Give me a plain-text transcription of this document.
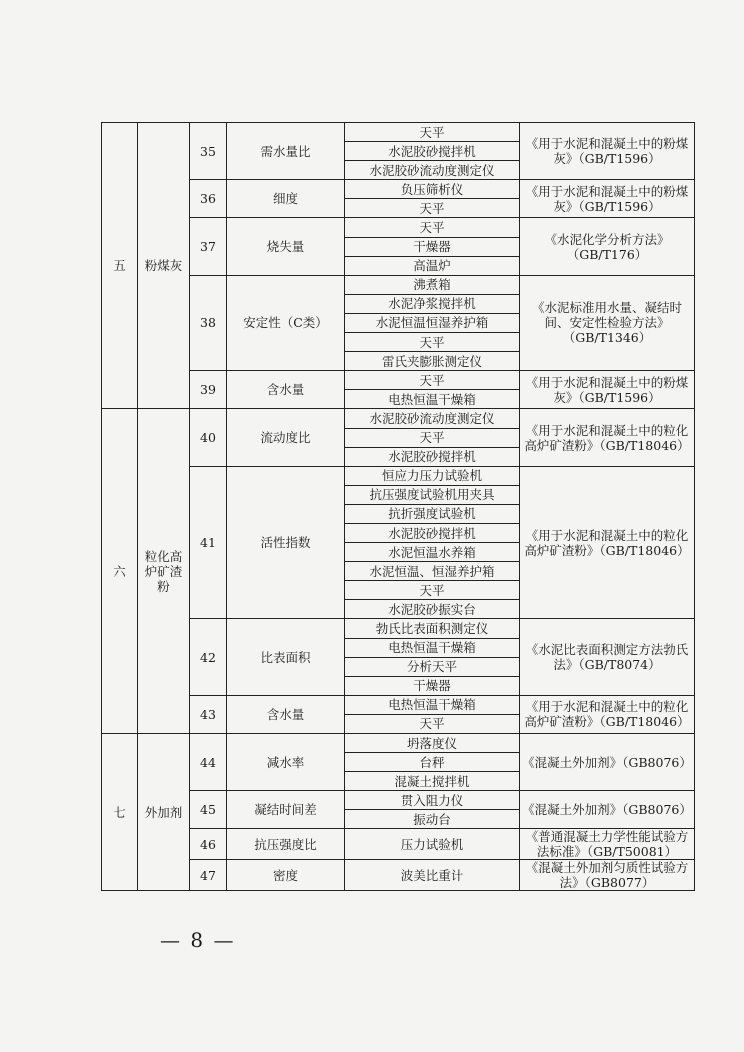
五	粉煤灰	35	需水量比	天平	《用于水泥和混凝土中的粉煤灰》（GB/T1596）
				水泥胶砂搅拌机	
				水泥胶砂流动度测定仪	
		36	细度	负压筛析仪	《用于水泥和混凝土中的粉煤灰》（GB/T1596）
				天平	
		37	烧失量	天平	《水泥化学分析方法》（GB/T176）
				干燥器	
				高温炉	
		38	安定性（C类）	沸煮箱	《水泥标准用水量、凝结时间、安定性检验方法》（GB/T1346）
				水泥净浆搅拌机	
				水泥恒温恒湿养护箱	
				天平	
				雷氏夹膨胀测定仪	
		39	含水量	天平	《用于水泥和混凝土中的粉煤灰》（GB/T1596）
				电热恒温干燥箱	
六	粒化高炉矿渣粉	40	流动度比	水泥胶砂流动度测定仪	《用于水泥和混凝土中的粒化高炉矿渣粉》（GB/T18046）
				天平	
				水泥胶砂搅拌机	
		41	活性指数	恒应力压力试验机	《用于水泥和混凝土中的粒化高炉矿渣粉》（GB/T18046）
				抗压强度试验机用夹具	
				抗折强度试验机	
				水泥胶砂搅拌机	
				水泥恒温水养箱	
				水泥恒温、恒湿养护箱	
				天平	
				水泥胶砂振实台	
		42	比表面积	勃氏比表面积测定仪	《水泥比表面积测定方法勃氏法》（GB/T8074）
				电热恒温干燥箱	
				分析天平	
				干燥器	
		43	含水量	电热恒温干燥箱	《用于水泥和混凝土中的粒化高炉矿渣粉》（GB/T18046）
				天平	
七	外加剂	44	减水率	坍落度仪	《混凝土外加剂》（GB8076）
				台秤	
				混凝土搅拌机	
		45	凝结时间差	贯入阻力仪	《混凝土外加剂》（GB8076）
				振动台	
		46	抗压强度比	压力试验机	《普通混凝土力学性能试验方法标准》（GB/T50081）
		47	密度	波美比重计	《混凝土外加剂匀质性试验方法》（GB8077）
— 8 —
